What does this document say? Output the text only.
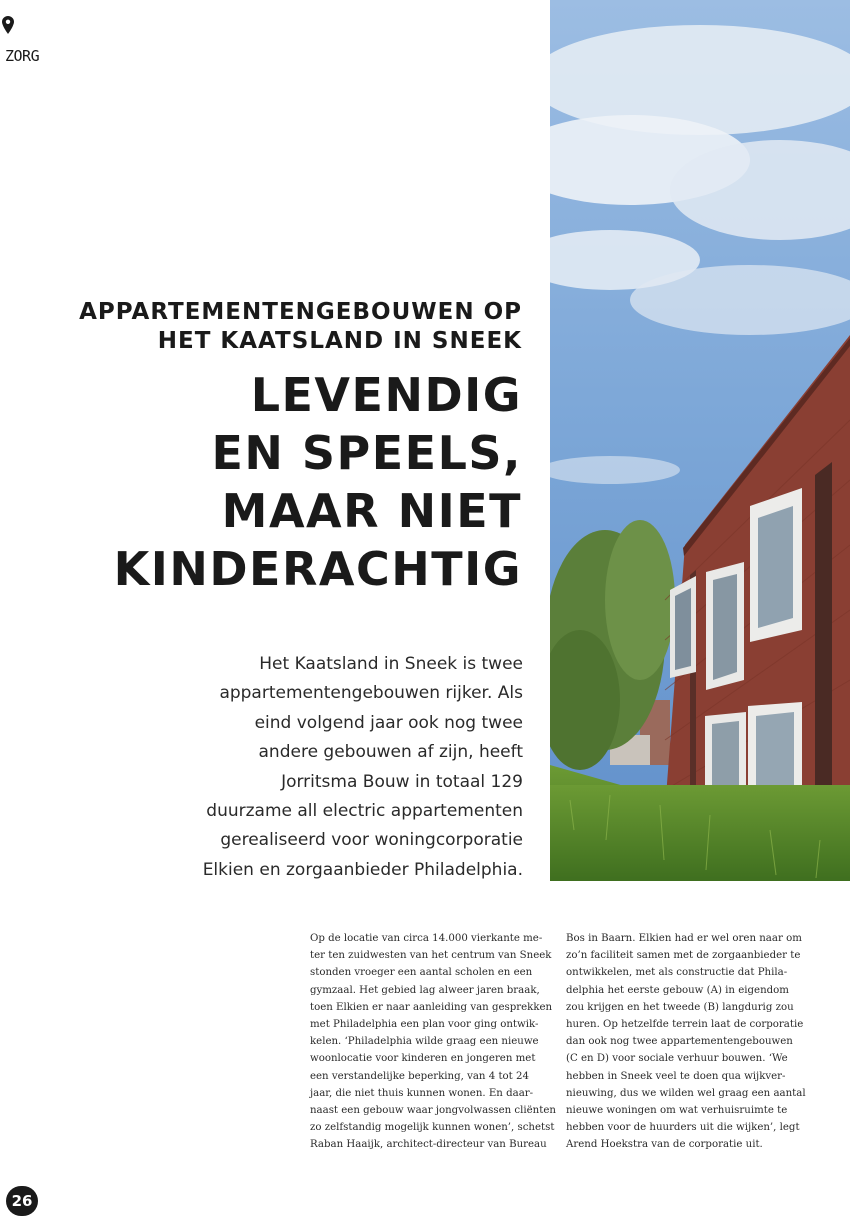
ZORG
APPARTEMENTENGEBOUWEN OP
HET KAATSLAND IN SNEEK
LEVENDIG
EN SPEELS,
MAAR NIET
KINDERACHTIG

Het Kaatsland in Sneek is twee
appartementengebouwen rijker. Als
eind volgend jaar ook nog twee
andere gebouwen af zijn, heeft
Jorritsma Bouw in totaal 129
duurzame all electric appartementen
gerealiseerd voor woningcorporatie
Elkien en zorgaanbieder Philadelphia.

Op de locatie van circa 14.000 vierkante me-
ter ten zuidwesten van het centrum van Sneek
stonden vroeger een aantal scholen en een
gymzaal. Het gebied lag alweer jaren braak,
toen Elkien er naar aanleiding van gesprekken
met Philadelphia een plan voor ging ontwik-
kelen. ‘Philadelphia wilde graag een nieuwe
woonlocatie voor kinderen en jongeren met
een verstandelijke beperking, van 4 tot 24
jaar, die niet thuis kunnen wonen. En daar-
naast een gebouw waar jongvolwassen cliënten
zo zelfstandig mogelijk kunnen wonen’, schetst
Raban Haaijk, architect-directeur van Bureau

Bos in Baarn. Elkien had er wel oren naar om
zo’n faciliteit samen met de zorgaanbieder te
ontwikkelen, met als constructie dat Phila-
delphia het eerste gebouw (A) in eigendom
zou krijgen en het tweede (B) langdurig zou
huren. Op hetzelfde terrein laat de corporatie
dan ook nog twee appartementengebouwen
(C en D) voor sociale verhuur bouwen. ‘We
hebben in Sneek veel te doen qua wijkver-
nieuwing, dus we wilden wel graag een aantal
nieuwe woningen om wat verhuisruimte te
hebben voor de huurders uit die wijken’, legt
Arend Hoekstra van de corporatie uit.

26
